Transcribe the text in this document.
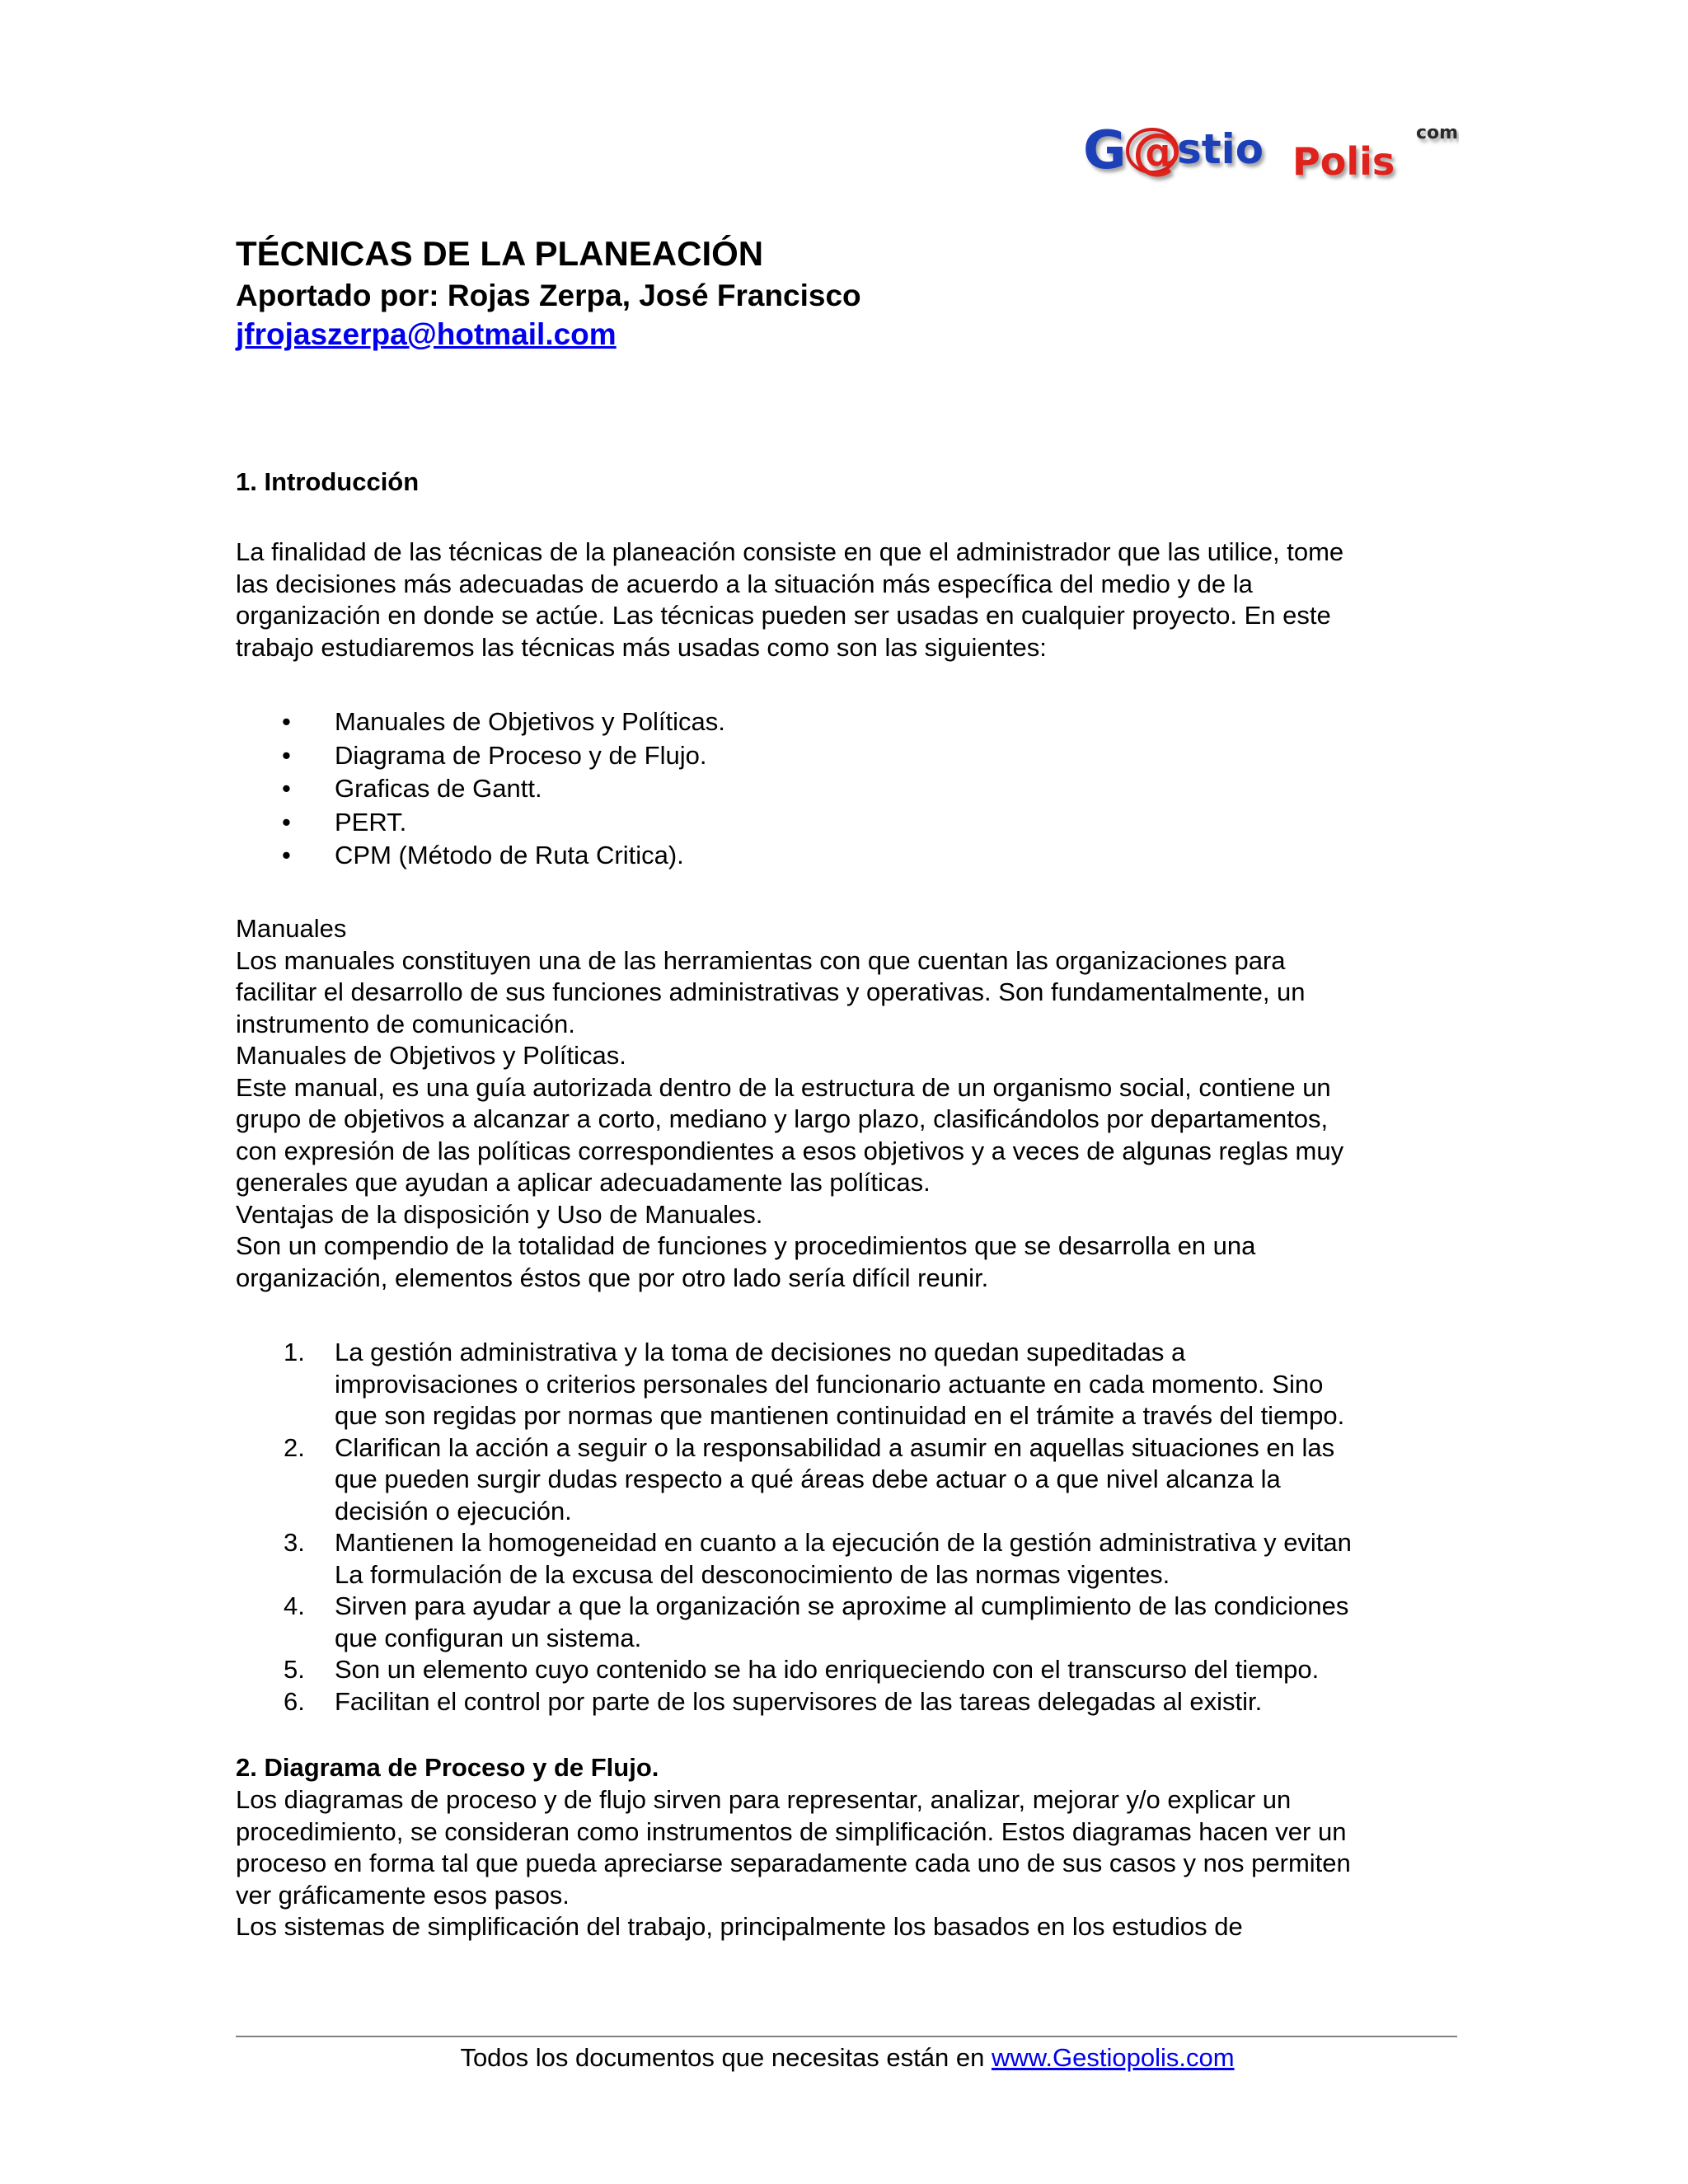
G @
stio Polis
com
TÉCNICAS DE LA PLANEACIÓN
Aportado por: Rojas Zerpa, José Francisco
jfrojaszerpa@hotmail.com
1. Introducción
La finalidad de las técnicas de la planeación consiste en que el administrador que las utilice, tome
las decisiones más adecuadas de acuerdo a la situación más específica del medio y de la
organización en donde se actúe. Las técnicas pueden ser usadas en cualquier proyecto. En este
trabajo estudiaremos las técnicas más usadas como son las siguientes:
• Manuales de Objetivos y Políticas.
• Diagrama de Proceso y de Flujo.
• Graficas de Gantt.
• PERT.
• CPM (Método de Ruta Critica).
Manuales
Los manuales constituyen una de las herramientas con que cuentan las organizaciones para
facilitar el desarrollo de sus funciones administrativas y operativas. Son fundamentalmente, un
instrumento de comunicación.
Manuales de Objetivos y Políticas.
Este manual, es una guía autorizada dentro de la estructura de un organismo social, contiene un
grupo de objetivos a alcanzar a corto, mediano y largo plazo, clasificándolos por departamentos,
con expresión de las políticas correspondientes a esos objetivos y a veces de algunas reglas muy
generales que ayudan a aplicar adecuadamente las políticas.
Ventajas de la disposición y Uso de Manuales.
Son un compendio de la totalidad de funciones y procedimientos que se desarrolla en una
organización, elementos éstos que por otro lado sería difícil reunir.
1. La gestión administrativa y la toma de decisiones no quedan supeditadas a
improvisaciones o criterios personales del funcionario actuante en cada momento. Sino
que son regidas por normas que mantienen continuidad en el trámite a través del tiempo.
2. Clarifican la acción a seguir o la responsabilidad a asumir en aquellas situaciones en las
que pueden surgir dudas respecto a qué áreas debe actuar o a que nivel alcanza la
decisión o ejecución.
3. Mantienen la homogeneidad en cuanto a la ejecución de la gestión administrativa y evitan
La formulación de la excusa del desconocimiento de las normas vigentes.
4. Sirven para ayudar a que la organización se aproxime al cumplimiento de las condiciones
que configuran un sistema.
5. Son un elemento cuyo contenido se ha ido enriqueciendo con el transcurso del tiempo.
6. Facilitan el control por parte de los supervisores de las tareas delegadas al existir.
2. Diagrama de Proceso y de Flujo.
Los diagramas de proceso y de flujo sirven para representar, analizar, mejorar y/o explicar un
procedimiento, se consideran como instrumentos de simplificación. Estos diagramas hacen ver un
proceso en forma tal que pueda apreciarse separadamente cada uno de sus casos y nos permiten
ver gráficamente esos pasos.
Los sistemas de simplificación del trabajo, principalmente los basados en los estudios de
Todos los documentos que necesitas están en www.Gestiopolis.com
